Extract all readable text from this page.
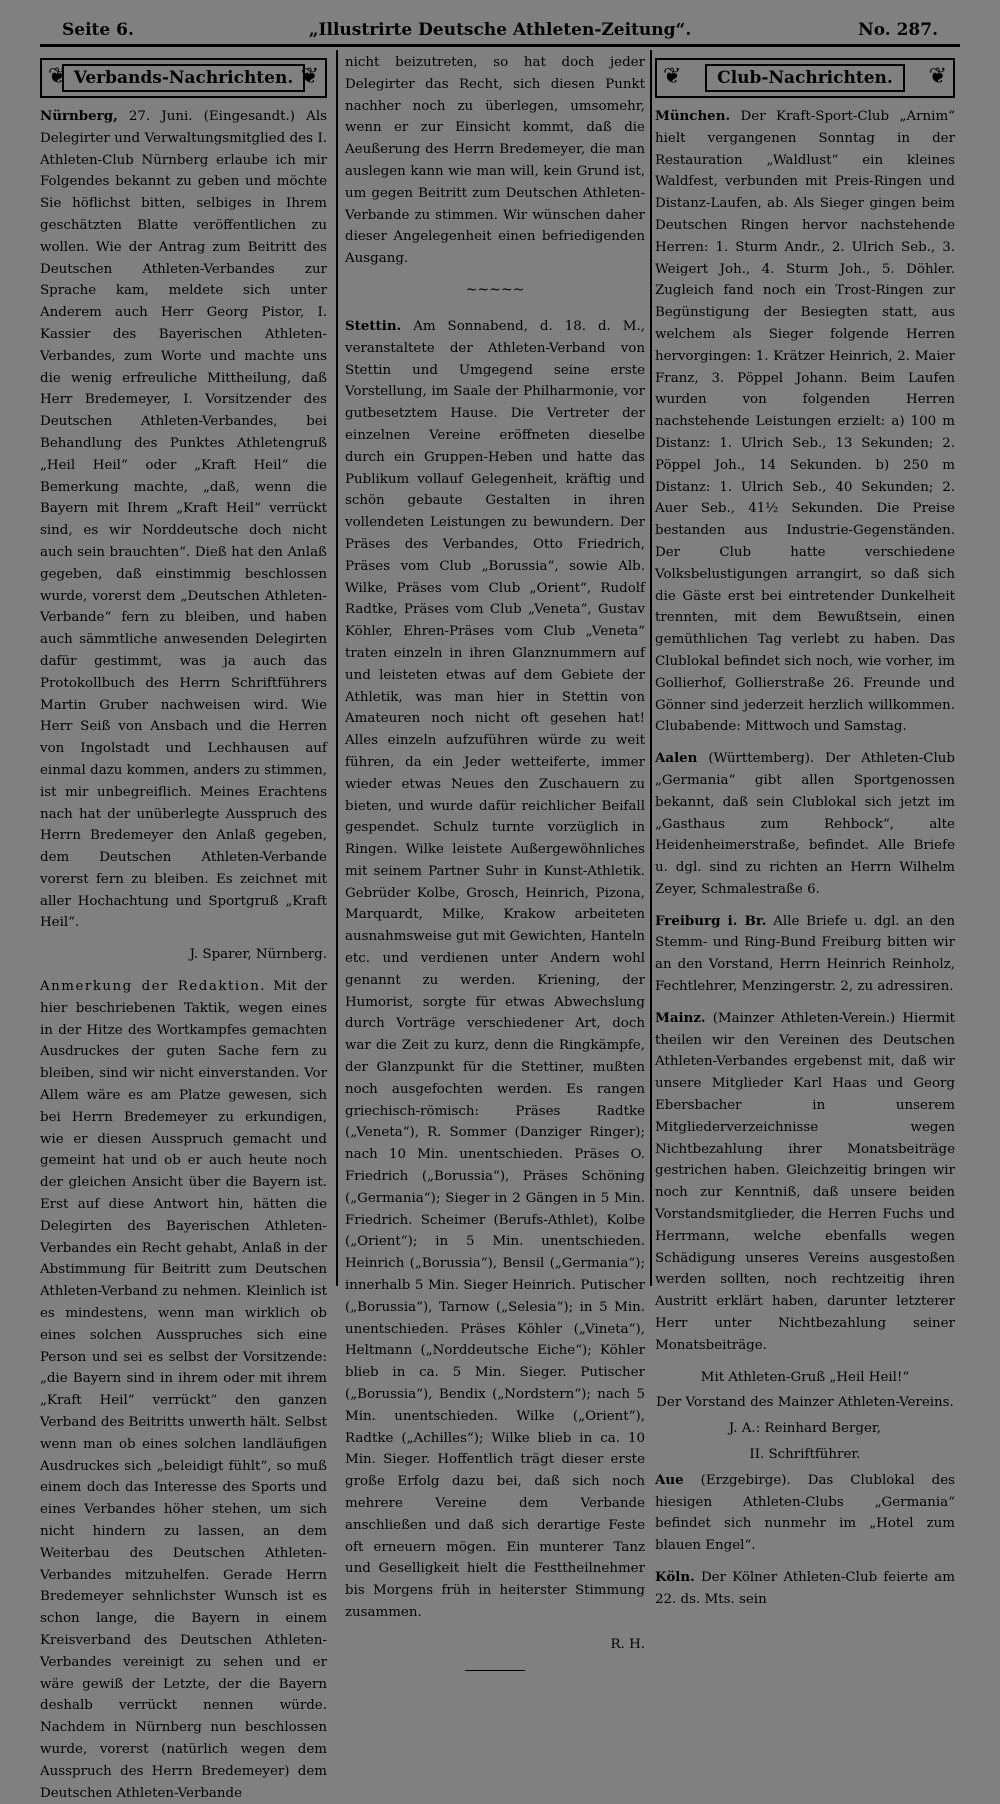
Seite 6.	„Illustrirte Deutsche Athleten-Zeitung“.	No. 287.
❦ Verbands-Nachrichten.
❦

Nürnberg, 27. Juni. (Eingesandt.) Als Delegirter und Verwaltungsmitglied des I. Athleten-Club Nürnberg erlaube ich mir Folgendes bekannt zu geben und möchte Sie höflichst bitten, selbiges in Ihrem geschätzten Blatte veröffentlichen zu wollen. Wie der Antrag zum Beitritt des Deutschen Athleten-Verbandes zur Sprache kam, meldete sich unter Anderem auch Herr Georg Pistor, I. Kassier des Bayerischen Athleten-Verbandes, zum Worte und machte uns die wenig erfreuliche Mittheilung, daß Herr Bredemeyer, I. Vorsitzender des Deutschen Athleten-Verbandes, bei Behandlung des Punktes Athletengruß „Heil Heil“ oder „Kraft Heil“ die Bemerkung machte, „daß, wenn die Bayern mit Ihrem „Kraft Heil“ verrückt sind, es wir Norddeutsche doch nicht auch sein brauchten“. Dieß hat den Anlaß gegeben, daß einstimmig beschlossen wurde, vorerst dem „Deutschen Athleten-Verbande“ fern zu bleiben, und haben auch sämmtliche anwesenden Delegirten dafür gestimmt, was ja auch das Protokollbuch des Herrn Schriftführers Martin Gruber nachweisen wird. Wie Herr Seiß von Ansbach und die Herren von Ingolstadt und Lechhausen auf einmal dazu kommen, anders zu stimmen, ist mir unbegreiflich. Meines Erachtens nach hat der unüberlegte Ausspruch des Herrn Bredemeyer den Anlaß gegeben, dem Deutschen Athleten-Verbande vorerst fern zu bleiben. Es zeichnet mit aller Hochachtung und Sportgruß „Kraft Heil“.

J. Sparer, Nürnberg.

Anmerkung der Redaktion. Mit der hier beschriebenen Taktik, wegen eines in der Hitze des Wortkampfes gemachten Ausdruckes der guten Sache fern zu bleiben, sind wir nicht einverstanden. Vor Allem wäre es am Platze gewesen, sich bei Herrn Bredemeyer zu erkundigen, wie er diesen Ausspruch gemacht und gemeint hat und ob er auch heute noch der gleichen Ansicht über die Bayern ist. Erst auf diese Antwort hin, hätten die Delegirten des Bayerischen Athleten-Verbandes ein Recht gehabt, Anlaß in der Abstimmung für Beitritt zum Deutschen Athleten-Verband zu nehmen. Kleinlich ist es mindestens, wenn man wirklich ob eines solchen Ausspruches sich eine Person und sei es selbst der Vorsitzende: „die Bayern sind in ihrem oder mit ihrem „Kraft Heil“ verrückt“ den ganzen Verband des Beitritts unwerth hält. Selbst wenn man ob eines solchen landläufigen Ausdruckes sich „beleidigt fühlt“, so muß einem doch das Interesse des Sports und eines Verbandes höher stehen, um sich nicht hindern zu lassen, an dem Weiterbau des Deutschen Athleten-Verbandes mitzuhelfen. Gerade Herrn Bredemeyer sehnlichster Wunsch ist es schon lange, die Bayern in einem Kreisverband des Deutschen Athleten-Verbandes vereinigt zu sehen und er wäre gewiß der Letzte, der die Bayern deshalb verrückt nennen würde. Nachdem in Nürnberg nun beschlossen wurde, vorerst (natürlich wegen dem Ausspruch des Herrn Bredemeyer) dem Deutschen Athleten-Verbande

nicht beizutreten, so hat doch jeder Delegirter das Recht, sich diesen Punkt nachher noch zu überlegen, umsomehr, wenn er zur Einsicht kommt, daß die Aeußerung des Herrn Bredemeyer, die man auslegen kann wie man will, kein Grund ist, um gegen Beitritt zum Deutschen Athleten-Verbande zu stimmen. Wir wünschen daher dieser Angelegenheit einen befriedigenden Ausgang.

~~~~~

Stettin. Am Sonnabend, d. 18. d. M., veranstaltete der Athleten-Verband von Stettin und Umgegend seine erste Vorstellung, im Saale der Philharmonie, vor gutbesetztem Hause. Die Vertreter der einzelnen Vereine eröffneten dieselbe durch ein Gruppen-Heben und hatte das Publikum vollauf Gelegenheit, kräftig und schön gebaute Gestalten in ihren vollendeten Leistungen zu bewundern. Der Präses des Verbandes, Otto Friedrich, Präses vom Club „Borussia“, sowie Alb. Wilke, Präses vom Club „Orient“, Rudolf Radtke, Präses vom Club „Veneta“, Gustav Köhler, Ehren-Präses vom Club „Veneta“ traten einzeln in ihren Glanznummern auf und leisteten etwas auf dem Gebiete der Athletik, was man hier in Stettin von Amateuren noch nicht oft gesehen hat! Alles einzeln aufzuführen würde zu weit führen, da ein Jeder wetteiferte, immer wieder etwas Neues den Zuschauern zu bieten, und wurde dafür reichlicher Beifall gespendet. Schulz turnte vorzüglich in Ringen. Wilke leistete Außergewöhnliches mit seinem Partner Suhr in Kunst-Athletik. Gebrüder Kolbe, Grosch, Heinrich, Pizona, Marquardt, Milke, Krakow arbeiteten ausnahmsweise gut mit Gewichten, Hanteln etc. und verdienen unter Andern wohl genannt zu werden. Kriening, der Humorist, sorgte für etwas Abwechslung durch Vorträge verschiedener Art, doch war die Zeit zu kurz, denn die Ringkämpfe, der Glanzpunkt für die Stettiner, mußten noch ausgefochten werden. Es rangen griechisch-römisch: Präses Radtke („Veneta“), R. Sommer (Danziger Ringer); nach 10 Min. unentschieden. Präses O. Friedrich („Borussia“), Präses Schöning („Germania“); Sieger in 2 Gängen in 5 Min. Friedrich. Scheimer (Berufs-Athlet), Kolbe („Orient“); in 5 Min. unentschieden. Heinrich („Borussia“), Bensil („Germania“); innerhalb 5 Min. Sieger Heinrich. Putischer („Borussia“), Tarnow („Selesia“); in 5 Min. unentschieden. Präses Köhler („Vineta“), Heltmann („Norddeutsche Eiche“); Köhler blieb in ca. 5 Min. Sieger. Putischer („Borussia“), Bendix („Nordstern“); nach 5 Min. unentschieden. Wilke („Orient“), Radtke („Achilles“); Wilke blieb in ca. 10 Min. Sieger. Hoffentlich trägt dieser erste große Erfolg dazu bei, daß sich noch mehrere Vereine dem Verbande anschließen und daß sich derartige Feste oft erneuern mögen. Ein munterer Tanz und Geselligkeit hielt die Festtheilnehmer bis Morgens früh in heiterster Stimmung zusammen.

R. H.

❦ Club-Nachrichten.
❦

München. Der Kraft-Sport-Club „Arnim“ hielt vergangenen Sonntag in der Restauration „Waldlust“ ein kleines Waldfest, verbunden mit Preis-Ringen und Distanz-Laufen, ab. Als Sieger gingen beim Deutschen Ringen hervor nachstehende Herren: 1. Sturm Andr., 2. Ulrich Seb., 3. Weigert Joh., 4. Sturm Joh., 5. Döhler. Zugleich fand noch ein Trost-Ringen zur Begünstigung der Besiegten statt, aus welchem als Sieger folgende Herren hervorgingen: 1. Krätzer Heinrich, 2. Maier Franz, 3. Pöppel Johann. Beim Laufen wurden von folgenden Herren nachstehende Leistungen erzielt: a) 100 m Distanz: 1. Ulrich Seb., 13 Sekunden; 2. Pöppel Joh., 14 Sekunden. b) 250 m Distanz: 1. Ulrich Seb., 40 Sekunden; 2. Auer Seb., 41½ Sekunden. Die Preise bestanden aus Industrie-Gegenständen. Der Club hatte verschiedene Volksbelustigungen arrangirt, so daß sich die Gäste erst bei eintretender Dunkelheit trennten, mit dem Bewußtsein, einen gemüthlichen Tag verlebt zu haben. Das Clublokal befindet sich noch, wie vorher, im Gollierhof, Gollierstraße 26. Freunde und Gönner sind jederzeit herzlich willkommen. Clubabende: Mittwoch und Samstag.

Aalen (Württemberg). Der Athleten-Club „Germania“ gibt allen Sportgenossen bekannt, daß sein Clublokal sich jetzt im „Gasthaus zum Rehbock“, alte Heidenheimerstraße, befindet. Alle Briefe u. dgl. sind zu richten an Herrn Wilhelm Zeyer, Schmalestraße 6.

Freiburg i. Br. Alle Briefe u. dgl. an den Stemm- und Ring-Bund Freiburg bitten wir an den Vorstand, Herrn Heinrich Reinholz, Fechtlehrer, Menzingerstr. 2, zu adressiren.

Mainz. (Mainzer Athleten-Verein.) Hiermit theilen wir den Vereinen des Deutschen Athleten-Verbandes ergebenst mit, daß wir unsere Mitglieder Karl Haas und Georg Ebersbacher in unserem Mitgliederverzeichnisse wegen Nichtbezahlung ihrer Monatsbeiträge gestrichen haben. Gleichzeitig bringen wir noch zur Kenntniß, daß unsere beiden Vorstandsmitglieder, die Herren Fuchs und Herrmann, welche ebenfalls wegen Schädigung unseres Vereins ausgestoßen werden sollten, noch rechtzeitig ihren Austritt erklärt haben, darunter letzterer Herr unter Nichtbezahlung seiner Monatsbeiträge.

Mit Athleten-Gruß „Heil Heil!“

Der Vorstand des Mainzer Athleten-Vereins.

J. A.: Reinhard Berger,

II. Schriftführer.

Aue (Erzgebirge). Das Clublokal des hiesigen Athleten-Clubs „Germania“ befindet sich nunmehr im „Hotel zum blauen Engel“.

Köln. Der Kölner Athleten-Club feierte am 22. ds. Mts. sein
